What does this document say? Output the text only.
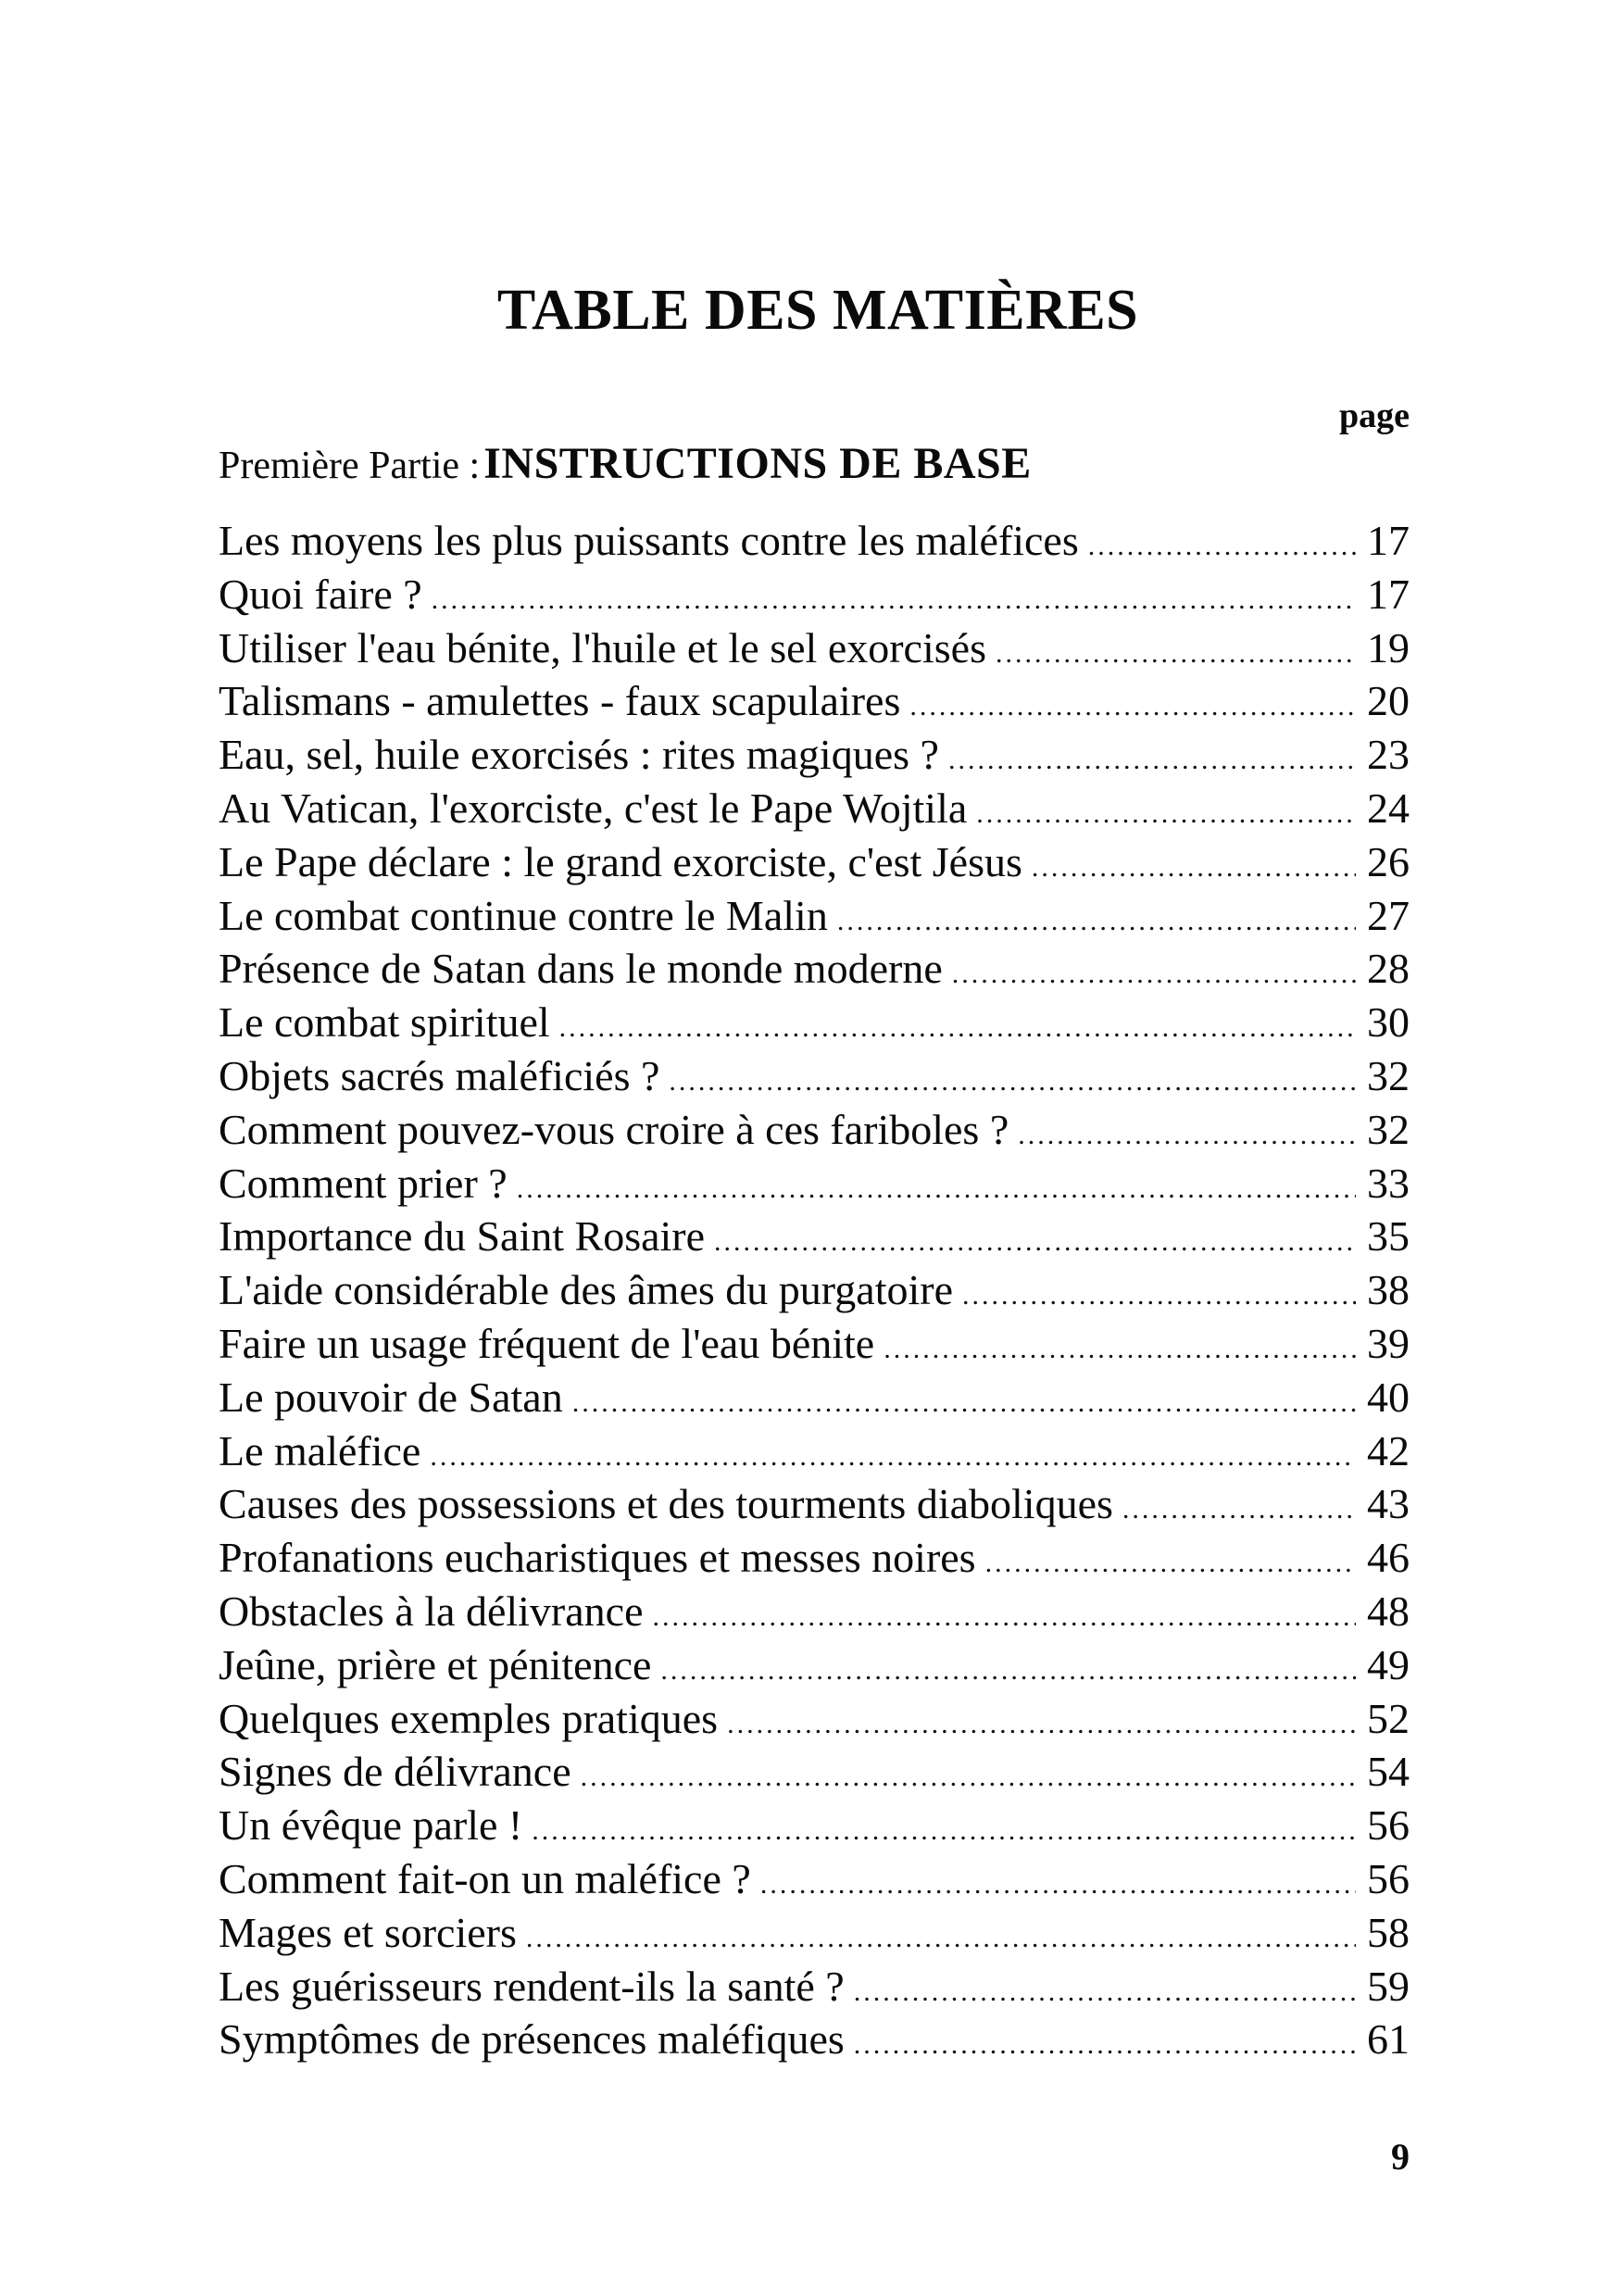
TABLE DES MATIÈRES
page
Première Partie : INSTRUCTIONS DE BASE
Les moyens les plus puissants contre les maléfices .....	17
Quoi faire ? .....	17
Utiliser l'eau bénite, l'huile et le sel exorcisés .....	19
Talismans - amulettes - faux scapulaires .....	20
Eau, sel, huile exorcisés : rites magiques ? .....	23
Au Vatican, l'exorciste, c'est le Pape Wojtila .....	24
Le Pape déclare : le grand exorciste, c'est Jésus .....	26
Le combat continue contre le Malin .....	27
Présence de Satan dans le monde moderne .....	28
Le combat spirituel .....	30
Objets sacrés maléficiés ? .....	32
Comment pouvez-vous croire à ces fariboles ? .....	32
Comment prier ? .....	33
Importance du Saint Rosaire .....	35
L'aide considérable des âmes du purgatoire .....	38
Faire un usage fréquent de l'eau bénite .....	39
Le pouvoir de Satan .....	40
Le maléfice .....	42
Causes des possessions et des tourments diaboliques .....	43
Profanations eucharistiques et messes noires .....	46
Obstacles à la délivrance .....	48
Jeûne, prière et pénitence .....	49
Quelques exemples pratiques .....	52
Signes de délivrance .....	54
Un évêque parle ! .....	56
Comment fait-on un maléfice ? .....	56
Mages et sorciers .....	58
Les guérisseurs rendent-ils la santé ? .....	59
Symptômes de présences maléfiques .....	61
9
